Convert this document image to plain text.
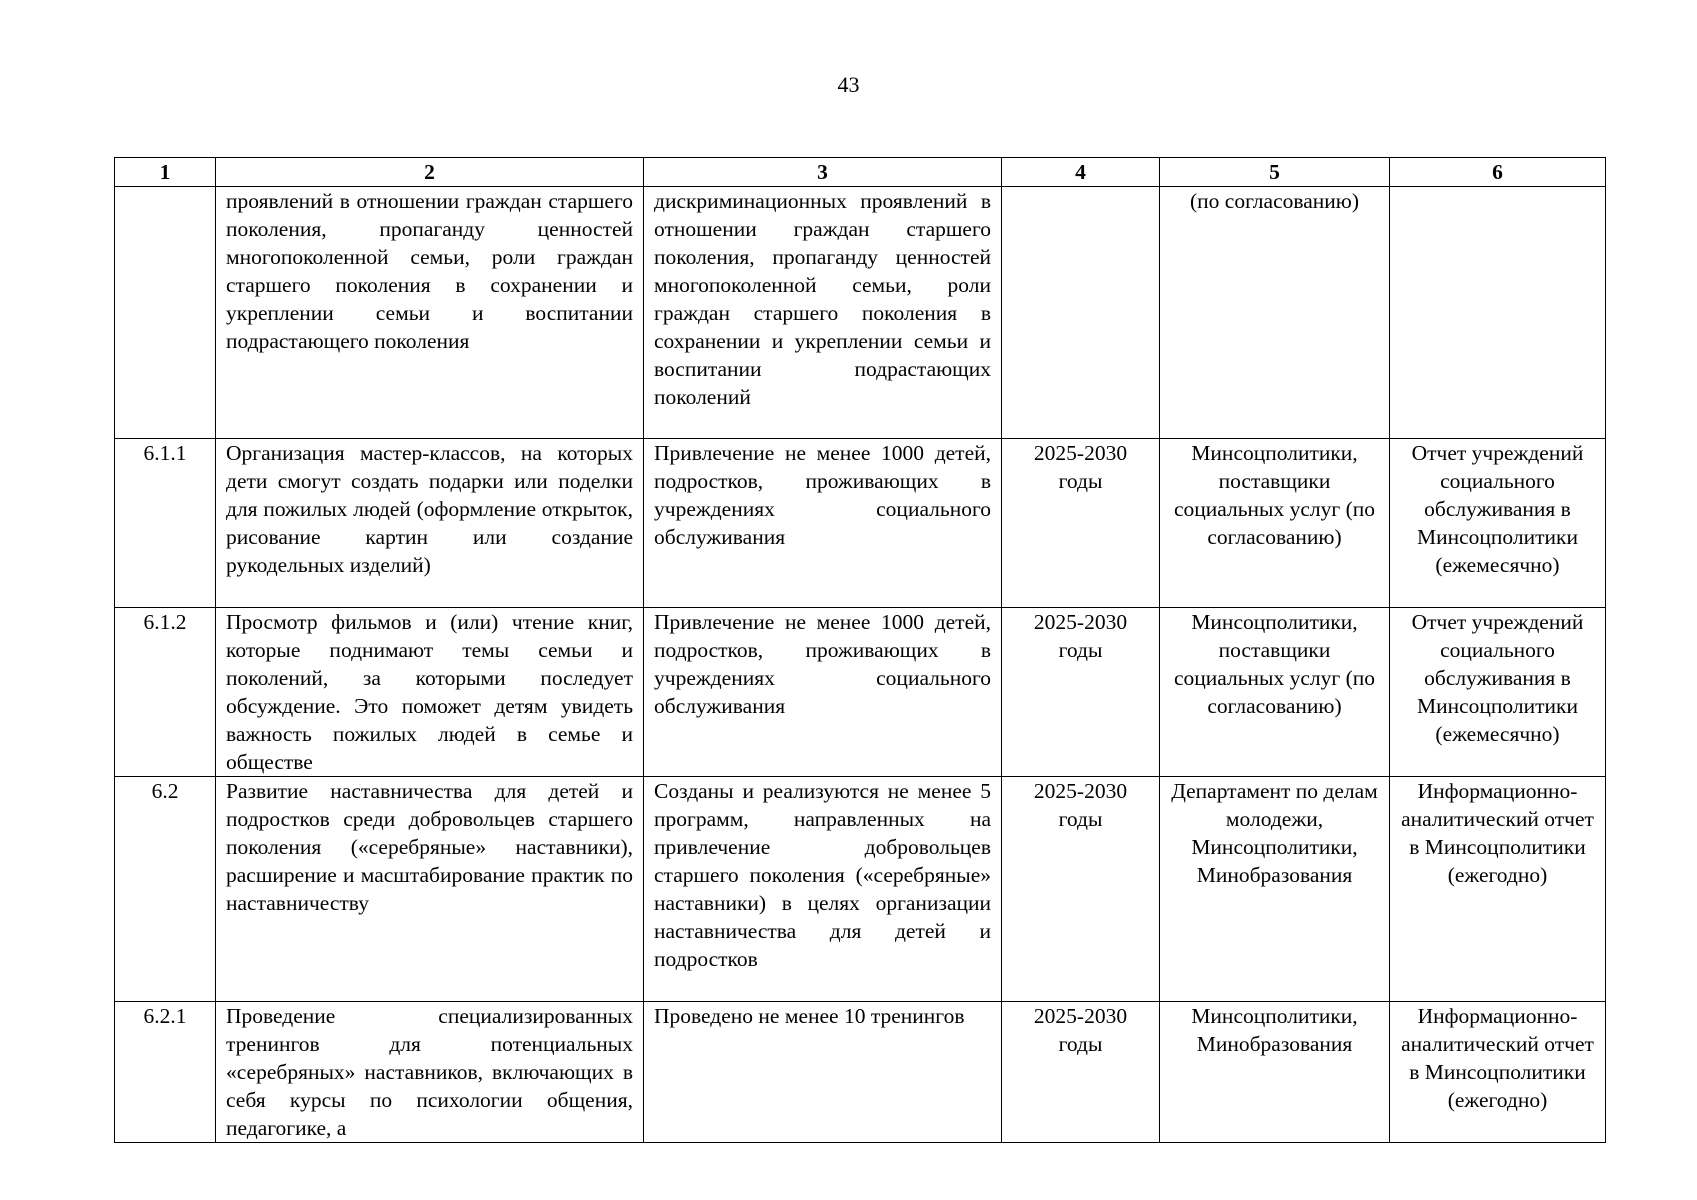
43
1	2	3	4	5	6
	проявлений в отношении граждан старшего поколения, пропаганду ценностей многопоколенной семьи, роли граждан старшего поколения в сохранении и укреплении семьи и воспитании подрастающего поколения	дискриминационных проявлений в отношении граждан старшего поколения, пропаганду ценностей многопоколенной семьи, роли граждан старшего поколения в сохранении и укреплении семьи и воспитании подрастающих поколений		(по согласованию)	
6.1.1	Организация мастер-классов, на которых дети смогут создать подарки или поделки для пожилых людей (оформление открыток, рисование картин или создание рукодельных изделий)	Привлечение не менее 1000 детей, подростков, проживающих в учреждениях социального обслуживания	2025-2030 годы	Минсоцполитики, поставщики социальных услуг (по согласованию)	Отчет учреждений социального обслуживания в Минсоцполитики (ежемесячно)
6.1.2	Просмотр фильмов и (или) чтение книг, которые поднимают темы семьи и поколений, за которыми последует обсуждение. Это поможет детям увидеть важность пожилых людей в семье и обществе	Привлечение не менее 1000 детей, подростков, проживающих в учреждениях социального обслуживания	2025-2030 годы	Минсоцполитики, поставщики социальных услуг (по согласованию)	Отчет учреждений социального обслуживания в Минсоцполитики (ежемесячно)
6.2	Развитие наставничества для детей и подростков среди добровольцев старшего поколения («серебряные» наставники), расширение и масштабирование практик по наставничеству	Созданы и реализуются не менее 5 программ, направленных на привлечение добровольцев старшего поколения («серебряные» наставники) в целях организации наставничества для детей и подростков	2025-2030 годы	Департамент по делам молодежи, Минсоцполитики, Минобразования	Информационно-аналитический отчет в Минсоцполитики (ежегодно)
6.2.1	Проведение специализированных тренингов для потенциальных «серебряных» наставников, включающих в себя курсы по психологии общения, педагогике, а	Проведено не менее 10 тренингов	2025-2030 годы	Минсоцполитики, Минобразования	Информационно-аналитический отчет в Минсоцполитики (ежегодно)
